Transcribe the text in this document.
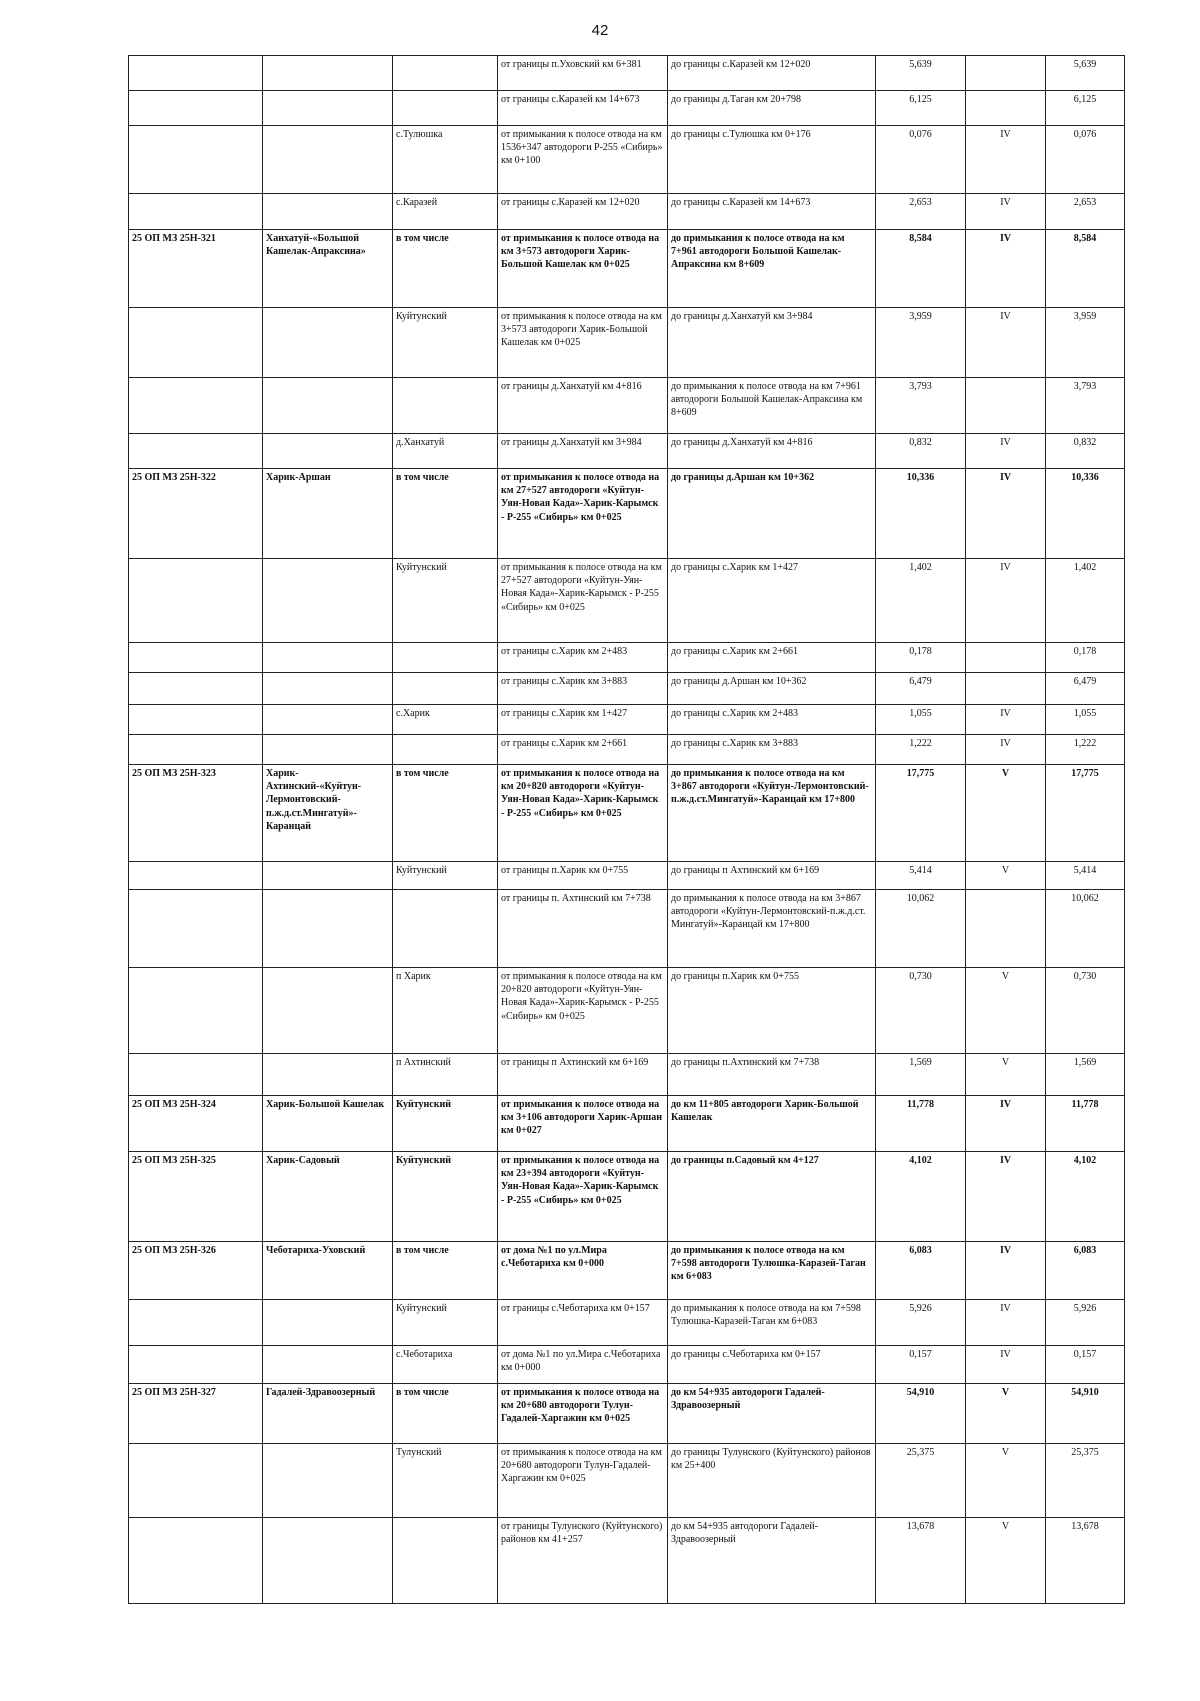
42
			от границы п.Уховский км 6+381	до границы с.Каразей км 12+020	5,639		5,639
			от границы с.Каразей км 14+673	до границы д.Таган км 20+798	6,125		6,125
		с.Тулюшка	от примыкания к полосе отвода на км 1536+347 автодороги Р-255 «Сибирь» км 0+100	до границы с.Тулюшка км 0+176	0,076	IV	0,076
		с.Каразей	от границы с.Каразей км 12+020	до границы с.Каразей км 14+673	2,653	IV	2,653
25 ОП МЗ 25Н-321	Ханхатуй-«Большой Кашелак-Апраксина»	в том числе	от примыкания к полосе отвода на км 3+573 автодороги Харик-Большой Кашелак км 0+025	до примыкания к полосе отвода на км 7+961 автодороги Большой Кашелак-Апраксина км 8+609	8,584	IV	8,584
		Куйтунский	от примыкания к полосе отвода на км 3+573 автодороги Харик-Большой Кашелак км 0+025	до границы д.Ханхатуй км 3+984	3,959	IV	3,959
			от границы д.Ханхатуй км 4+816	до примыкания к полосе отвода на км 7+961 автодороги Большой Кашелак-Апраксина км 8+609	3,793		3,793
		д.Ханхатуй	от границы д.Ханхатуй км 3+984	до границы д.Ханхатуй км 4+816	0,832	IV	0,832
25 ОП МЗ 25Н-322	Харик-Аршан	в том числе	от примыкания к полосе отвода на км 27+527 автодороги «Куйтун-Уян-Новая Када»-Харик-Карымск - Р-255 «Сибирь» км 0+025	до границы д.Аршан км 10+362	10,336	IV	10,336
		Куйтунский	от примыкания к полосе отвода на км 27+527 автодороги «Куйтун-Уян-Новая Када»-Харик-Карымск - Р-255 «Сибирь» км 0+025	до границы с.Харик км 1+427	1,402	IV	1,402
			от границы с.Харик км 2+483	до границы с.Харик км 2+661	0,178		0,178
			от границы с.Харик км 3+883	до границы д.Аршан км 10+362	6,479		6,479
		с.Харик	от границы с.Харик км 1+427	до границы с.Харик км 2+483	1,055	IV	1,055
			от границы с.Харик км 2+661	до границы с.Харик км 3+883	1,222	IV	1,222
25 ОП МЗ 25Н-323	Харик-Ахтинский-«Куйтун-Лермонтовский-п.ж.д.ст.Мингатуй»-Каранцай	в том числе	от примыкания к полосе отвода на км 20+820 автодороги «Куйтун-Уян-Новая Када»-Харик-Карымск - Р-255 «Сибирь» км 0+025	до примыкания к полосе отвода на км 3+867 автодороги «Куйтун-Лермонтовский-п.ж.д.ст.Мингатуй»-Каранцай км 17+800	17,775	V	17,775
		Куйтунский	от границы п.Харик км 0+755	до границы п Ахтинский км 6+169	5,414	V	5,414
			от границы п. Ахтинский км 7+738	до примыкания к полосе отвода на км 3+867 автодороги «Куйтун-Лермонтовский-п.ж.д.ст. Мингатуй»-Каранцай км 17+800	10,062		10,062
		п Харик	от примыкания к полосе отвода на км 20+820 автодороги «Куйтун-Уян-Новая Када»-Харик-Карымск - Р-255 «Сибирь» км 0+025	до границы п.Харик км 0+755	0,730	V	0,730
		п Ахтинский	от границы п Ахтинский км 6+169	до границы п.Ахтинский км 7+738	1,569	V	1,569
25 ОП МЗ 25Н-324	Харик-Большой Кашелак	Куйтунский	от примыкания к полосе отвода на км 3+106 автодороги Харик-Аршан км 0+027	до км 11+805 автодороги Харик-Большой Кашелак	11,778	IV	11,778
25 ОП МЗ 25Н-325	Харик-Садовый	Куйтунский	от примыкания к полосе отвода на км 23+394 автодороги «Куйтун-Уян-Новая Када»-Харик-Карымск - Р-255 «Сибирь» км 0+025	до границы п.Садовый км 4+127	4,102	IV	4,102
25 ОП МЗ 25Н-326	Чеботариха-Уховский	в том числе	от дома №1 по ул.Мира с.Чеботариха км 0+000	до примыкания к полосе отвода на км 7+598 автодороги Тулюшка-Каразей-Таган км 6+083	6,083	IV	6,083
		Куйтунский	от границы с.Чеботариха км 0+157	до примыкания к полосе отвода на км 7+598 Тулюшка-Каразей-Таган км 6+083	5,926	IV	5,926
		с.Чеботариха	от дома №1 по ул.Мира с.Чеботариха км 0+000	до границы с.Чеботариха км 0+157	0,157	IV	0,157
25 ОП МЗ 25Н-327	Гадалей-Здравоозерный	в том числе	от примыкания к полосе отвода на км 20+680 автодороги Тулун-Гадалей-Харгажин км 0+025	до км 54+935 автодороги Гадалей-Здравоозерный	54,910	V	54,910
		Тулунский	от примыкания к полосе отвода на км 20+680 автодороги Тулун-Гадалей-Харгажин км 0+025	до границы Тулунского (Куйтунского) районов км 25+400	25,375	V	25,375
			от границы Тулунского (Куйтунского) районов км 41+257	до км 54+935 автодороги Гадалей-Здравоозерный	13,678	V	13,678
